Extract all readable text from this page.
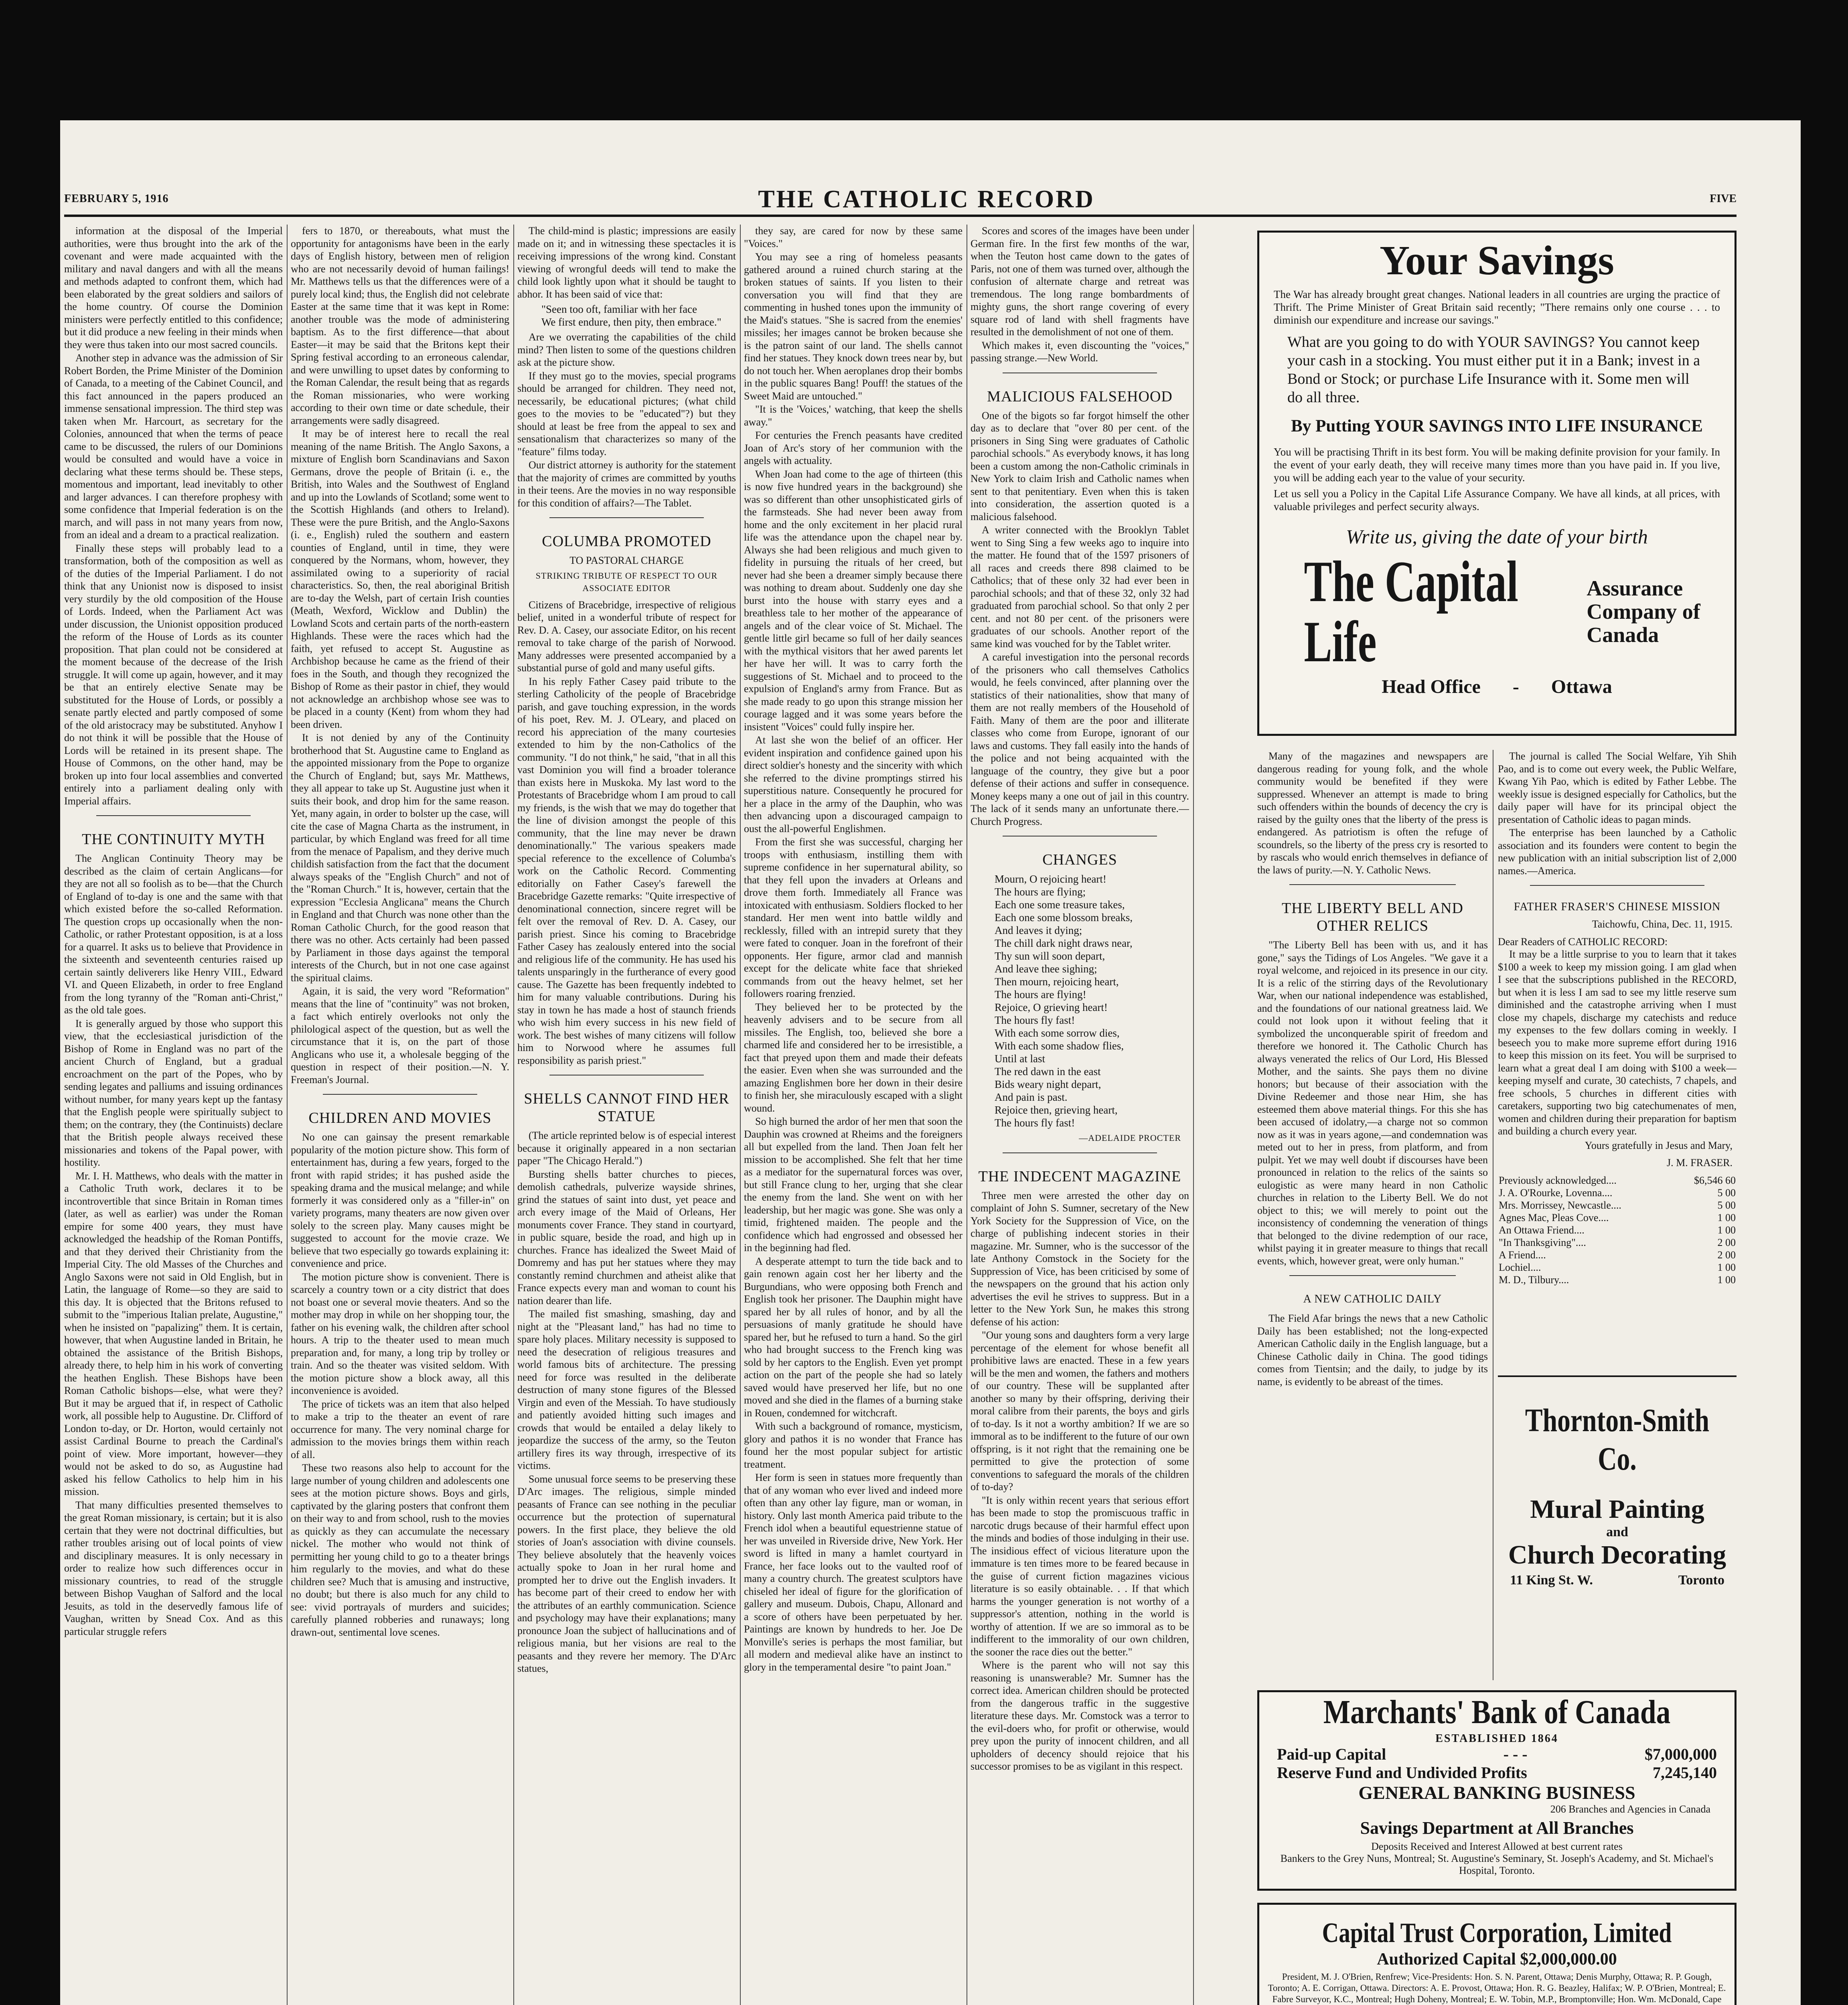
FEBRUARY 5, 1916	THE CATHOLIC RECORD	FIVE

information at the disposal of the Imperial authorities, were thus brought into the ark of the covenant and were made acquainted with the military and naval dangers and with all the means and methods adapted to confront them, which had been elaborated by the great soldiers and sailors of the home country. Of course the Dominion ministers were perfectly entitled to this confidence; but it did produce a new feeling in their minds when they were thus taken into our most sacred councils.

Another step in advance was the admission of Sir Robert Borden, the Prime Minister of the Dominion of Canada, to a meeting of the Cabinet Council, and this fact announced in the papers produced an immense sensational impression. The third step was taken when Mr. Harcourt, as secretary for the Colonies, announced that when the terms of peace came to be discussed, the rulers of our Dominions would be consulted and would have a voice in declaring what these terms should be. These steps, momentous and important, lead inevitably to other and larger advances. I can therefore prophesy with some confidence that Imperial federation is on the march, and will pass in not many years from now, from an ideal and a dream to a practical realization.

Finally these steps will probably lead to a transformation, both of the composition as well as of the duties of the Imperial Parliament. I do not think that any Unionist now is disposed to insist very sturdily by the old composition of the House of Lords. Indeed, when the Parliament Act was under discussion, the Unionist opposition produced the reform of the House of Lords as its counter proposition. That plan could not be considered at the moment because of the decrease of the Irish struggle. It will come up again, however, and it may be that an entirely elective Senate may be substituted for the House of Lords, or possibly a senate partly elected and partly composed of some of the old aristocracy may be substituted. Anyhow I do not think it will be possible that the House of Lords will be retained in its present shape. The House of Commons, on the other hand, may be broken up into four local assemblies and converted entirely into a parliament dealing only with Imperial affairs.

THE CONTINUITY MYTH

The Anglican Continuity Theory may be described as the claim of certain Anglicans—for they are not all so foolish as to be—that the Church of England of to-day is one and the same with that which existed before the so-called Reformation. The question crops up occasionally when the non-Catholic, or rather Protestant opposition, is at a loss for a quarrel. It asks us to believe that Providence in the sixteenth and seventeenth centuries raised up certain saintly deliverers like Henry VIII., Edward VI. and Queen Elizabeth, in order to free England from the long tyranny of the "Roman anti-Christ," as the old tale goes.

It is generally argued by those who support this view, that the ecclesiastical jurisdiction of the Bishop of Rome in England was no part of the ancient Church of England, but a gradual encroachment on the part of the Popes, who by sending legates and palliums and issuing ordinances without number, for many years kept up the fantasy that the English people were spiritually subject to them; on the contrary, they (the Continuists) declare that the British people always received these missionaries and tokens of the Papal power, with hostility.

Mr. I. H. Matthews, who deals with the matter in a Catholic Truth work, declares it to be incontrovertible that since Britain in Roman times (later, as well as earlier) was under the Roman empire for some 400 years, they must have acknowledged the headship of the Roman Pontiffs, and that they derived their Christianity from the Imperial City. The old Masses of the Churches and Anglo Saxons were not said in Old English, but in Latin, the language of Rome—so they are said to this day. It is objected that the Britons refused to submit to the "imperious Italian prelate, Augustine," when he insisted on "papalizing" them. It is certain, however, that when Augustine landed in Britain, he obtained the assistance of the British Bishops, already there, to help him in his work of converting the heathen English. These Bishops have been Roman Catholic bishops—else, what were they? But it may be argued that if, in respect of Catholic work, all possible help to Augustine. Dr. Clifford of London to-day, or Dr. Horton, would certainly not assist Cardinal Bourne to preach the Cardinal's point of view. More important, however—they would not be asked to do so, as Augustine had asked his fellow Catholics to help him in his mission.

That many difficulties presented themselves to the great Roman missionary, is certain; but it is also certain that they were not doctrinal difficulties, but rather troubles arising out of local points of view and disciplinary measures. It is only necessary in order to realize how such differences occur in missionary countries, to read of the struggle between Bishop Vaughan of Salford and the local Jesuits, as told in the deservedly famous life of Vaughan, written by Snead Cox. And as this particular struggle refers

fers to 1870, or thereabouts, what must the opportunity for antagonisms have been in the early days of English history, between men of religion who are not necessarily devoid of human failings! Mr. Matthews tells us that the differences were of a purely local kind; thus, the English did not celebrate Easter at the same time that it was kept in Rome: another trouble was the mode of administering baptism. As to the first difference—that about Easter—it may be said that the Britons kept their Spring festival according to an erroneous calendar, and were unwilling to upset dates by conforming to the Roman Calendar, the result being that as regards the Roman missionaries, who were working according to their own time or date schedule, their arrangements were sadly disagreed.

It may be of interest here to recall the real meaning of the name British. The Anglo Saxons, a mixture of English born Scandinavians and Saxon Germans, drove the people of Britain (i. e., the British, into Wales and the Southwest of England and up into the Lowlands of Scotland; some went to the Scottish Highlands (and others to Ireland). These were the pure British, and the Anglo-Saxons (i. e., English) ruled the southern and eastern counties of England, until in time, they were conquered by the Normans, whom, however, they assimilated owing to a superiority of racial characteristics. So, then, the real aboriginal British are to-day the Welsh, part of certain Irish counties (Meath, Wexford, Wicklow and Dublin) the Lowland Scots and certain parts of the north-eastern Highlands. These were the races which had the faith, yet refused to accept St. Augustine as Archbishop because he came as the friend of their foes in the South, and though they recognized the Bishop of Rome as their pastor in chief, they would not acknowledge an archbishop whose see was to be placed in a county (Kent) from whom they had been driven.

It is not denied by any of the Continuity brotherhood that St. Augustine came to England as the appointed missionary from the Pope to organize the Church of England; but, says Mr. Matthews, they all appear to take up St. Augustine just when it suits their book, and drop him for the same reason. Yet, many again, in order to bolster up the case, will cite the case of Magna Charta as the instrument, in particular, by which England was freed for all time from the menace of Papalism, and they derive much childish satisfaction from the fact that the document always speaks of the "English Church" and not of the "Roman Church." It is, however, certain that the expression "Ecclesia Anglicana" means the Church in England and that Church was none other than the Roman Catholic Church, for the good reason that there was no other. Acts certainly had been passed by Parliament in those days against the temporal interests of the Church, but in not one case against the spiritual claims.

Again, it is said, the very word "Reformation" means that the line of "continuity" was not broken, a fact which entirely overlooks not only the philological aspect of the question, but as well the circumstance that it is, on the part of those Anglicans who use it, a wholesale begging of the question in respect of their position.—N. Y. Freeman's Journal.

CHILDREN AND MOVIES

No one can gainsay the present remarkable popularity of the motion picture show. This form of entertainment has, during a few years, forged to the front with rapid strides; it has pushed aside the speaking drama and the musical melange; and while formerly it was considered only as a "filler-in" on variety programs, many theaters are now given over solely to the screen play. Many causes might be suggested to account for the movie craze. We believe that two especially go towards explaining it: convenience and price.

The motion picture show is convenient. There is scarcely a country town or a city district that does not boast one or several movie theaters. And so the mother may drop in while on her shopping tour, the father on his evening walk, the children after school hours. A trip to the theater used to mean much preparation and, for many, a long trip by trolley or train. And so the theater was visited seldom. With the motion picture show a block away, all this inconvenience is avoided.

The price of tickets was an item that also helped to make a trip to the theater an event of rare occurrence for many. The very nominal charge for admission to the movies brings them within reach of all.

These two reasons also help to account for the large number of young children and adolescents one sees at the motion picture shows. Boys and girls, captivated by the glaring posters that confront them on their way to and from school, rush to the movies as quickly as they can accumulate the necessary nickel. The mother who would not think of permitting her young child to go to a theater brings him regularly to the movies, and what do these children see? Much that is amusing and instructive, no doubt; but there is also much for any child to see: vivid portrayals of murders and suicides; carefully planned robberies and runaways; long drawn-out, sentimental love scenes.

The child-mind is plastic; impressions are easily made on it; and in witnessing these spectacles it is receiving impressions of the wrong kind. Constant viewing of wrongful deeds will tend to make the child look lightly upon what it should be taught to abhor. It has been said of vice that:

"Seen too oft, familiar with her face
We first endure, then pity, then embrace."

Are we overrating the capabilities of the child mind? Then listen to some of the questions children ask at the picture show.

If they must go to the movies, special programs should be arranged for children. They need not, necessarily, be educational pictures; (what child goes to the movies to be "educated"?) but they should at least be free from the appeal to sex and sensationalism that characterizes so many of the "feature" films today.

Our district attorney is authority for the statement that the majority of crimes are committed by youths in their teens. Are the movies in no way responsible for this condition of affairs?—The Tablet.

COLUMBA PROMOTED
TO PASTORAL CHARGE
STRIKING TRIBUTE OF RESPECT TO OUR ASSOCIATE EDITOR

Citizens of Bracebridge, irrespective of religious belief, united in a wonderful tribute of respect for Rev. D. A. Casey, our associate Editor, on his recent removal to take charge of the parish of Norwood. Many addresses were presented accompanied by a substantial purse of gold and many useful gifts.

In his reply Father Casey paid tribute to the sterling Catholicity of the people of Bracebridge parish, and gave touching expression, in the words of his poet, Rev. M. J. O'Leary, and placed on record his appreciation of the many courtesies extended to him by the non-Catholics of the community. "I do not think," he said, "that in all this vast Dominion you will find a broader tolerance than exists here in Muskoka. My last word to the Protestants of Bracebridge whom I am proud to call my friends, is the wish that we may do together that the line of division amongst the people of this community, that the line may never be drawn denominationally." The various speakers made special reference to the excellence of Columba's work on the Catholic Record. Commenting editorially on Father Casey's farewell the Bracebridge Gazette remarks: "Quite irrespective of denominational connection, sincere regret will be felt over the removal of Rev. D. A. Casey, our parish priest. Since his coming to Bracebridge Father Casey has zealously entered into the social and religious life of the community. He has used his talents unsparingly in the furtherance of every good cause. The Gazette has been frequently indebted to him for many valuable contributions. During his stay in town he has made a host of staunch friends who wish him every success in his new field of work. The best wishes of many citizens will follow him to Norwood where he assumes full responsibility as parish priest."

SHELLS CANNOT FIND HER STATUE

(The article reprinted below is of especial interest because it originally appeared in a non sectarian paper "The Chicago Herald.")

Bursting shells batter churches to pieces, demolish cathedrals, pulverize wayside shrines, grind the statues of saint into dust, yet peace and arch every image of the Maid of Orleans, Her monuments cover France. They stand in courtyard, in public square, beside the road, and high up in churches. France has idealized the Sweet Maid of Domremy and has put her statues where they may constantly remind churchmen and atheist alike that France expects every man and woman to count his nation dearer than life.

The mailed fist smashing, smashing, day and night at the "Pleasant land," has had no time to spare holy places. Military necessity is supposed to need the desecration of religious treasures and world famous bits of architecture. The pressing need for force was resulted in the deliberate destruction of many stone figures of the Blessed Virgin and even of the Messiah. To have studiously and patiently avoided hitting such images and crowds that would be entailed a delay likely to jeopardize the success of the army, so the Teuton artillery fires its way through, irrespective of its victims.

Some unusual force seems to be preserving these D'Arc images. The religious, simple minded peasants of France can see nothing in the peculiar occurrence but the protection of supernatural powers. In the first place, they believe the old stories of Joan's association with divine counsels. They believe absolutely that the heavenly voices actually spoke to Joan in her rural home and prompted her to drive out the English invaders. It has become part of their creed to endow her with the attributes of an earthly communication. Science and psychology may have their explanations; many pronounce Joan the subject of hallucinations and of religious mania, but her visions are real to the peasants and they revere her memory. The D'Arc statues,

they say, are cared for now by these same "Voices."

You may see a ring of homeless peasants gathered around a ruined church staring at the broken statues of saints. If you listen to their conversation you will find that they are commenting in hushed tones upon the immunity of the Maid's statues. "She is sacred from the enemies' missiles; her images cannot be broken because she is the patron saint of our land. The shells cannot find her statues. They knock down trees near by, but do not touch her. When aeroplanes drop their bombs in the public squares Bang! Pouff! the statues of the Sweet Maid are untouched."

"It is the 'Voices,' watching, that keep the shells away."

For centuries the French peasants have credited Joan of Arc's story of her communion with the angels with actuality.

When Joan had come to the age of thirteen (this is now five hundred years in the background) she was so different than other unsophisticated girls of the farmsteads. She had never been away from home and the only excitement in her placid rural life was the attendance upon the chapel near by. Always she had been religious and much given to fidelity in pursuing the rituals of her creed, but never had she been a dreamer simply because there was nothing to dream about. Suddenly one day she burst into the house with starry eyes and a breathless tale to her mother of the appearance of angels and of the clear voice of St. Michael. The gentle little girl became so full of her daily seances with the mythical visitors that her awed parents let her have her will. It was to carry forth the suggestions of St. Michael and to proceed to the expulsion of England's army from France. But as she made ready to go upon this strange mission her courage lagged and it was some years before the insistent "Voices" could fully inspire her.

At last she won the belief of an officer. Her evident inspiration and confidence gained upon his direct soldier's honesty and the sincerity with which she referred to the divine promptings stirred his superstitious nature. Consequently he procured for her a place in the army of the Dauphin, who was then advancing upon a discouraged campaign to oust the all-powerful Englishmen.

From the first she was successful, charging her troops with enthusiasm, instilling them with supreme confidence in her supernatural ability, so that they fell upon the invaders at Orleans and drove them forth. Immediately all France was intoxicated with enthusiasm. Soldiers flocked to her standard. Her men went into battle wildly and recklessly, filled with an intrepid surety that they were fated to conquer. Joan in the forefront of their opponents. Her figure, armor clad and mannish except for the delicate white face that shrieked commands from out the heavy helmet, set her followers roaring frenzied.

They believed her to be protected by the heavenly advisers and to be secure from all missiles. The English, too, believed she bore a charmed life and considered her to be irresistible, a fact that preyed upon them and made their defeats the easier. Even when she was surrounded and the amazing Englishmen bore her down in their desire to finish her, she miraculously escaped with a slight wound.

So high burned the ardor of her men that soon the Dauphin was crowned at Rheims and the foreigners all but expelled from the land. Then Joan felt her mission to be accomplished. She felt that her time as a mediator for the supernatural forces was over, but still France clung to her, urging that she clear the enemy from the land. She went on with her leadership, but her magic was gone. She was only a timid, frightened maiden. The people and the confidence which had engrossed and obsessed her in the beginning had fled.

A desperate attempt to turn the tide back and to gain renown again cost her her liberty and the Burgundians, who were opposing both French and English took her prisoner. The Dauphin might have spared her by all rules of honor, and by all the persuasions of manly gratitude he should have spared her, but he refused to turn a hand. So the girl who had brought success to the French king was sold by her captors to the English. Even yet prompt action on the part of the people she had so lately saved would have preserved her life, but no one moved and she died in the flames of a burning stake in Rouen, condemned for witchcraft.

With such a background of romance, mysticism, glory and pathos it is no wonder that France has found her the most popular subject for artistic treatment.

Her form is seen in statues more frequently than that of any woman who ever lived and indeed more often than any other lay figure, man or woman, in history. Only last month America paid tribute to the French idol when a beautiful equestrienne statue of her was unveiled in Riverside drive, New York. Her sword is lifted in many a hamlet courtyard in France, her face looks out to the vaulted roof of many a country church. The greatest sculptors have chiseled her ideal of figure for the glorification of gallery and museum. Dubois, Chapu, Allonard and a score of others have been perpetuated by her. Paintings are known by hundreds to her. Joe De Monville's series is perhaps the most familiar, but all modern and medieval alike have an instinct to glory in the temperamental desire "to paint Joan."

Scores and scores of the images have been under German fire. In the first few months of the war, when the Teuton host came down to the gates of Paris, not one of them was turned over, although the confusion of alternate charge and retreat was tremendous. The long range bombardments of mighty guns, the short range covering of every square rod of land with shell fragments have resulted in the demolishment of not one of them.

Which makes it, even discounting the "voices," passing strange.—New World.

MALICIOUS FALSEHOOD

One of the bigots so far forgot himself the other day as to declare that "over 80 per cent. of the prisoners in Sing Sing were graduates of Catholic parochial schools." As everybody knows, it has long been a custom among the non-Catholic criminals in New York to claim Irish and Catholic names when sent to that penitentiary. Even when this is taken into consideration, the assertion quoted is a malicious falsehood.

A writer connected with the Brooklyn Tablet went to Sing Sing a few weeks ago to inquire into the matter. He found that of the 1597 prisoners of all races and creeds there 898 claimed to be Catholics; that of these only 32 had ever been in parochial schools; and that of these 32, only 32 had graduated from parochial school. So that only 2 per cent. and not 80 per cent. of the prisoners were graduates of our schools. Another report of the same kind was vouched for by the Tablet writer.

A careful investigation into the personal records of the prisoners who call themselves Catholics would, he feels convinced, after planning over the statistics of their nationalities, show that many of them are not really members of the Household of Faith. Many of them are the poor and illiterate classes who come from Europe, ignorant of our laws and customs. They fall easily into the hands of the police and not being acquainted with the language of the country, they give but a poor defense of their actions and suffer in consequence. Money keeps many a one out of jail in this country. The lack of it sends many an unfortunate there.—Church Progress.

CHANGES
Mourn, O rejoicing heart!
The hours are flying;
Each one some treasure takes,
Each one some blossom breaks,
And leaves it dying;
The chill dark night draws near,
Thy sun will soon depart,
And leave thee sighing;
Then mourn, rejoicing heart,
The hours are flying!
Rejoice, O grieving heart!
The hours fly fast!
With each some sorrow dies,
With each some shadow flies,
Until at last
The red dawn in the east
Bids weary night depart,
And pain is past.
Rejoice then, grieving heart,
The hours fly fast!
—ADELAIDE PROCTER
THE INDECENT MAGAZINE

Three men were arrested the other day on complaint of John S. Sumner, secretary of the New York Society for the Suppression of Vice, on the charge of publishing indecent stories in their magazine. Mr. Sumner, who is the successor of the late Anthony Comstock in the Society for the Suppression of Vice, has been criticised by some of the newspapers on the ground that his action only advertises the evil he strives to suppress. But in a letter to the New York Sun, he makes this strong defense of his action:

"Our young sons and daughters form a very large percentage of the element for whose benefit all prohibitive laws are enacted. These in a few years will be the men and women, the fathers and mothers of our country. These will be supplanted after another so many by their offspring, deriving their moral calibre from their parents, the boys and girls of to-day. Is it not a worthy ambition? If we are so immoral as to be indifferent to the future of our own offspring, is it not right that the remaining one be permitted to give the protection of some conventions to safeguard the morals of the children of to-day?

"It is only within recent years that serious effort has been made to stop the promiscuous traffic in narcotic drugs because of their harmful effect upon the minds and bodies of those indulging in their use. The insidious effect of vicious literature upon the immature is ten times more to be feared because in the guise of current fiction magazines vicious literature is so easily obtainable. . . If that which harms the younger generation is not worthy of a suppressor's attention, nothing in the world is worthy of attention. If we are so immoral as to be indifferent to the immorality of our own children, the sooner the race dies out the better."

Where is the parent who will not say this reasoning is unanswerable? Mr. Sumner has the correct idea. American children should be protected from the dangerous traffic in the suggestive literature these days. Mr. Comstock was a terror to the evil-doers who, for profit or otherwise, would prey upon the purity of innocent children, and all upholders of decency should rejoice that his successor promises to be as vigilant in this respect.

Your Savings
The War has already brought great changes. National leaders in all countries are urging the practice of Thrift. The Prime Minister of Great Britain said recently; "There remains only one course . . . to diminish our expenditure and increase our savings."
What are you going to do with YOUR SAVINGS? You cannot keep your cash in a stocking. You must either put it in a Bank; invest in a Bond or Stock; or purchase Life Insurance with it. Some men will do all three.
By Putting YOUR SAVINGS INTO LIFE INSURANCE
You will be practising Thrift in its best form. You will be making definite provision for your family. In the event of your early death, they will receive many times more than you have paid in. If you live, you will be adding each year to the value of your security.
Let us sell you a Policy in the Capital Life Assurance Company. We have all kinds, at all prices, with valuable privileges and perfect security always.
Write us, giving the date of your birth
The Capital Life
Assurance
Company of Canada
Head Office - Ottawa

Many of the magazines and newspapers are dangerous reading for young folk, and the whole community would be benefited if they were suppressed. Whenever an attempt is made to bring such offenders within the bounds of decency the cry is raised by the guilty ones that the liberty of the press is endangered. As patriotism is often the refuge of scoundrels, so the liberty of the press cry is resorted to by rascals who would enrich themselves in defiance of the laws of purity.—N. Y. Catholic News.

THE LIBERTY BELL AND OTHER RELICS

"The Liberty Bell has been with us, and it has gone," says the Tidings of Los Angeles. "We gave it a royal welcome, and rejoiced in its presence in our city. It is a relic of the stirring days of the Revolutionary War, when our national independence was established, and the foundations of our national greatness laid. We could not look upon it without feeling that it symbolized the unconquerable spirit of freedom and therefore we honored it. The Catholic Church has always venerated the relics of Our Lord, His Blessed Mother, and the saints. She pays them no divine honors; but because of their association with the Divine Redeemer and those near Him, she has esteemed them above material things. For this she has been accused of idolatry,—a charge not so common now as it was in years agone,—and condemnation was meted out to her in press, from platform, and from pulpit. Yet we may well doubt if discourses have been pronounced in relation to the relics of the saints so eulogistic as were many heard in non Catholic churches in relation to the Liberty Bell. We do not object to this; we will merely to point out the inconsistency of condemning the veneration of things that belonged to the divine redemption of our race, whilst paying it in greater measure to things that recall events, which, however great, were only human."

A NEW CATHOLIC DAILY

The Field Afar brings the news that a new Catholic Daily has been established; not the long-expected American Catholic daily in the English language, but a Chinese Catholic daily in China. The good tidings comes from Tientsin; and the daily, to judge by its name, is evidently to be abreast of the times.

The journal is called The Social Welfare, Yih Shih Pao, and is to come out every week, the Public Welfare, Kwang Yih Pao, which is edited by Father Lebbe. The weekly issue is designed especially for Catholics, but the daily paper will have for its principal object the presentation of Catholic ideas to pagan minds.

The enterprise has been launched by a Catholic association and its founders were content to begin the new publication with an initial subscription list of 2,000 names.—America.

FATHER FRASER'S CHINESE MISSION
Taichowfu, China, Dec. 11, 1915.
Dear Readers of CATHOLIC RECORD:

It may be a little surprise to you to learn that it takes $100 a week to keep my mission going. I am glad when I see that the subscriptions published in the RECORD, but when it is less I am sad to see my little reserve sum diminished and the catastrophe arriving when I must close my chapels, discharge my catechists and reduce my expenses to the few dollars coming in weekly. I beseech you to make more supreme effort during 1916 to keep this mission on its feet. You will be surprised to learn what a great deal I am doing with $100 a week—keeping myself and curate, 30 catechists, 7 chapels, and free schools, 5 churches in different cities with caretakers, supporting two big catechumenates of men, women and children during their preparation for baptism and building a church every year.

Yours gratefully in Jesus and Mary,
J. M. FRASER.
Previously acknowledged....	$6,546 60
J. A. O'Rourke, Lovenna....	5 00
Mrs. Morrissey, Newcastle....	5 00
Agnes Mac, Pleas Cove....	1 00
An Ottawa Friend....	1 00
"In Thanksgiving"....	2 00
A Friend....	2 00
Lochiel....	1 00
M. D., Tilbury....	1 00
Thornton-Smith Co.
Mural Painting
and
Church Decorating
11 King St. W.	Toronto
Marchants' Bank of Canada
ESTABLISHED 1864
Paid-up Capital	- - -	$7,000,000
Reserve Fund and Undivided Profits	7,245,140
GENERAL BANKING BUSINESS
206 Branches and Agencies in Canada
Savings Department at All Branches
Deposits Received and Interest Allowed at best current rates
Bankers to the Grey Nuns, Montreal; St. Augustine's Seminary, St. Joseph's Academy, and St. Michael's Hospital, Toronto.
Capital Trust Corporation, Limited
Authorized Capital $2,000,000.00
President, M. J. O'Brien, Renfrew; Vice-Presidents: Hon. S. N. Parent, Ottawa; Denis Murphy, Ottawa; R. P. Gough, Toronto; A. E. Corrigan, Ottawa. Directors: A. E. Provost, Ottawa; Hon. R. G. Beazley, Halifax; W. P. O'Brien, Montreal; E. Fabre Surveyor, K.C., Montreal; Hugh Doheny, Montreal; E. W. Tobin, M.P., Bromptonville; Hon. Wm. McDonald, Cape
